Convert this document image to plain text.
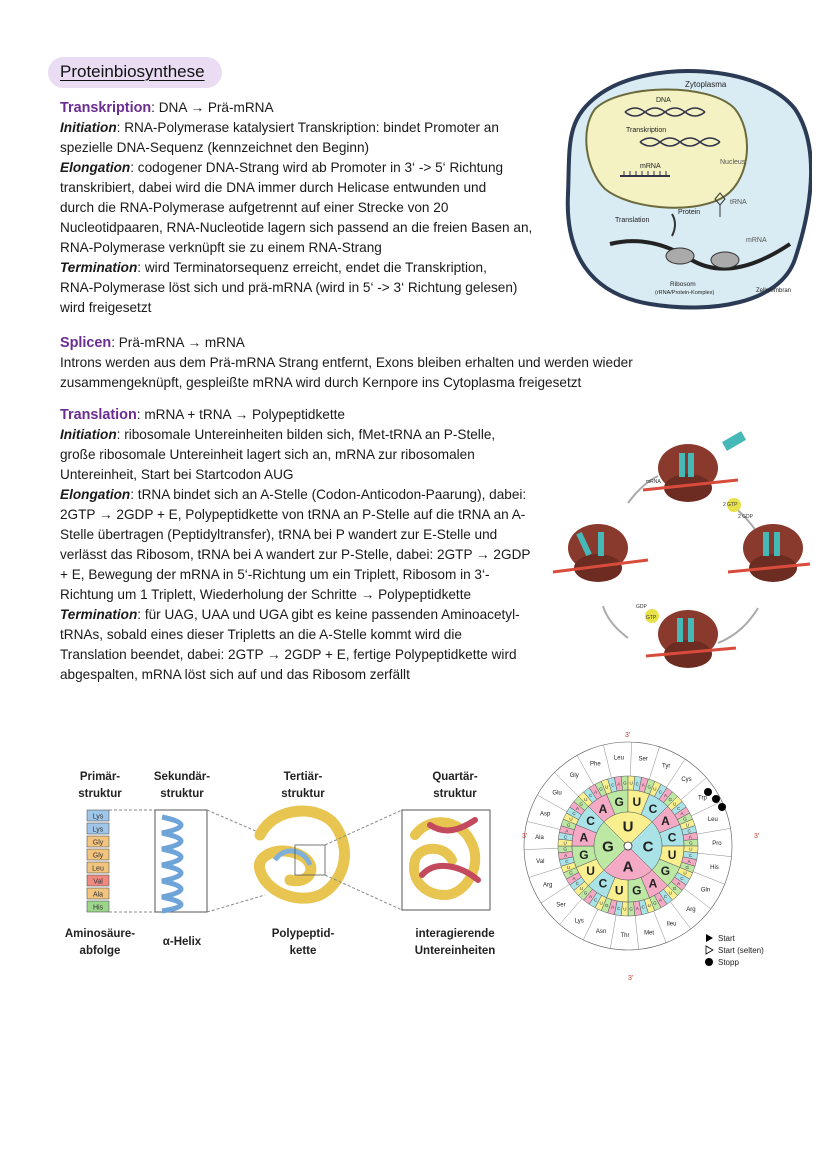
Proteinbiosynthese

Transkription: DNA → Prä-mRNA

Initiation: RNA-Polymerase katalysiert Transkription: bindet Promoter an

spezielle DNA-Sequenz (kennzeichnet den Beginn)

Elongation: codogener DNA-Strang wird ab Promoter in 3‘ -> 5‘ Richtung

transkribiert, dabei wird die DNA immer durch Helicase entwunden und

durch die RNA-Polymerase aufgetrennt auf einer Strecke von 20

Nucleotidpaaren, RNA-Nucleotide lagern sich passend an die freien Basen an,

RNA-Polymerase verknüpft sie zu einem RNA-Strang

Termination: wird Terminatorsequenz erreicht, endet die Transkription,

RNA-Polymerase löst sich und prä-mRNA (wird in 5‘ -> 3‘ Richtung gelesen)

wird freigesetzt

Zytoplasma
DNA
Transkription
Nucleus
mRNA
Translation
Protein
tRNA
mRNA
Ribosom
(rRNA/Protein-Komplex)	Zellmembran

Splicen: Prä-mRNA → mRNA

Introns werden aus dem Prä-mRNA Strang entfernt, Exons bleiben erhalten und werden wieder

zusammengeknüpft, gespleißte mRNA wird durch Kernpore ins Cytoplasma freigesetzt

Translation: mRNA + tRNA → Polypeptidkette

Initiation: ribosomale Untereinheiten bilden sich, fMet-tRNA an P-Stelle,

große ribosomale Untereinheit lagert sich an, mRNA zur ribosomalen

Untereinheit, Start bei Startcodon AUG

Elongation: tRNA bindet sich an A-Stelle (Codon-Anticodon-Paarung), dabei:

2GTP → 2GDP + E, Polypeptidkette von tRNA an P-Stelle auf die tRNA an A-

Stelle übertragen (Peptidyltransfer), tRNA bei P wandert zur E-Stelle und

verlässt das Ribosom, tRNA bei A wandert zur P-Stelle, dabei: 2GTP → 2GDP

+ E, Bewegung der mRNA in 5‘-Richtung um ein Triplett, Ribosom in 3‘-

Richtung um 1 Triplett, Wiederholung der Schritte → Polypeptidkette

Termination: für UAG, UAA und UGA gibt es keine passenden Aminoacetyl-

tRNAs, sobald eines dieser Tripletts an die A-Stelle kommt wird die

Translation beendet, dabei: 2GTP → 2GDP + E, fertige Polypeptidkette wird

abgespalten, mRNA löst sich auf und das Ribosom zerfällt

mRNA
2 GTP
2 GDP
GDP
GTP
Primär-
struktur
Sekundär-
struktur
Tertiär-
struktur
Quartär-
struktur
Lys
Lys
Gly
Gly
Leu
Val
Ala
His
Aminosäure-
abfolge
α-Helix
Polypeptid-
kette
interagierende
Untereinheiten
Gly
Phe
Leu Ser
Tyr
Cys
Trp
Leu
Pro
His
Gln
Arg
Ileu
Met
Thr
Asn
Lys
Ser
Arg
Val
Ala
Asp
Glu
U
C
A
G U C A G U C A G U
C
A
G
U
C
A
G
U
C
A
G
U
C
A
G
U
C
A
G
U
C
A
G
U
C
A
G
U
C
A
G
U
C
A
G
U
C
A
G
U
C
A
G
U
C
A
G
U
C
A
G A G U C
A
C
U
G
A
G
U
C
U
G
A
C U
C
A
G
3'
3'
3'
3'
Start
Start (selten)
Stopp
